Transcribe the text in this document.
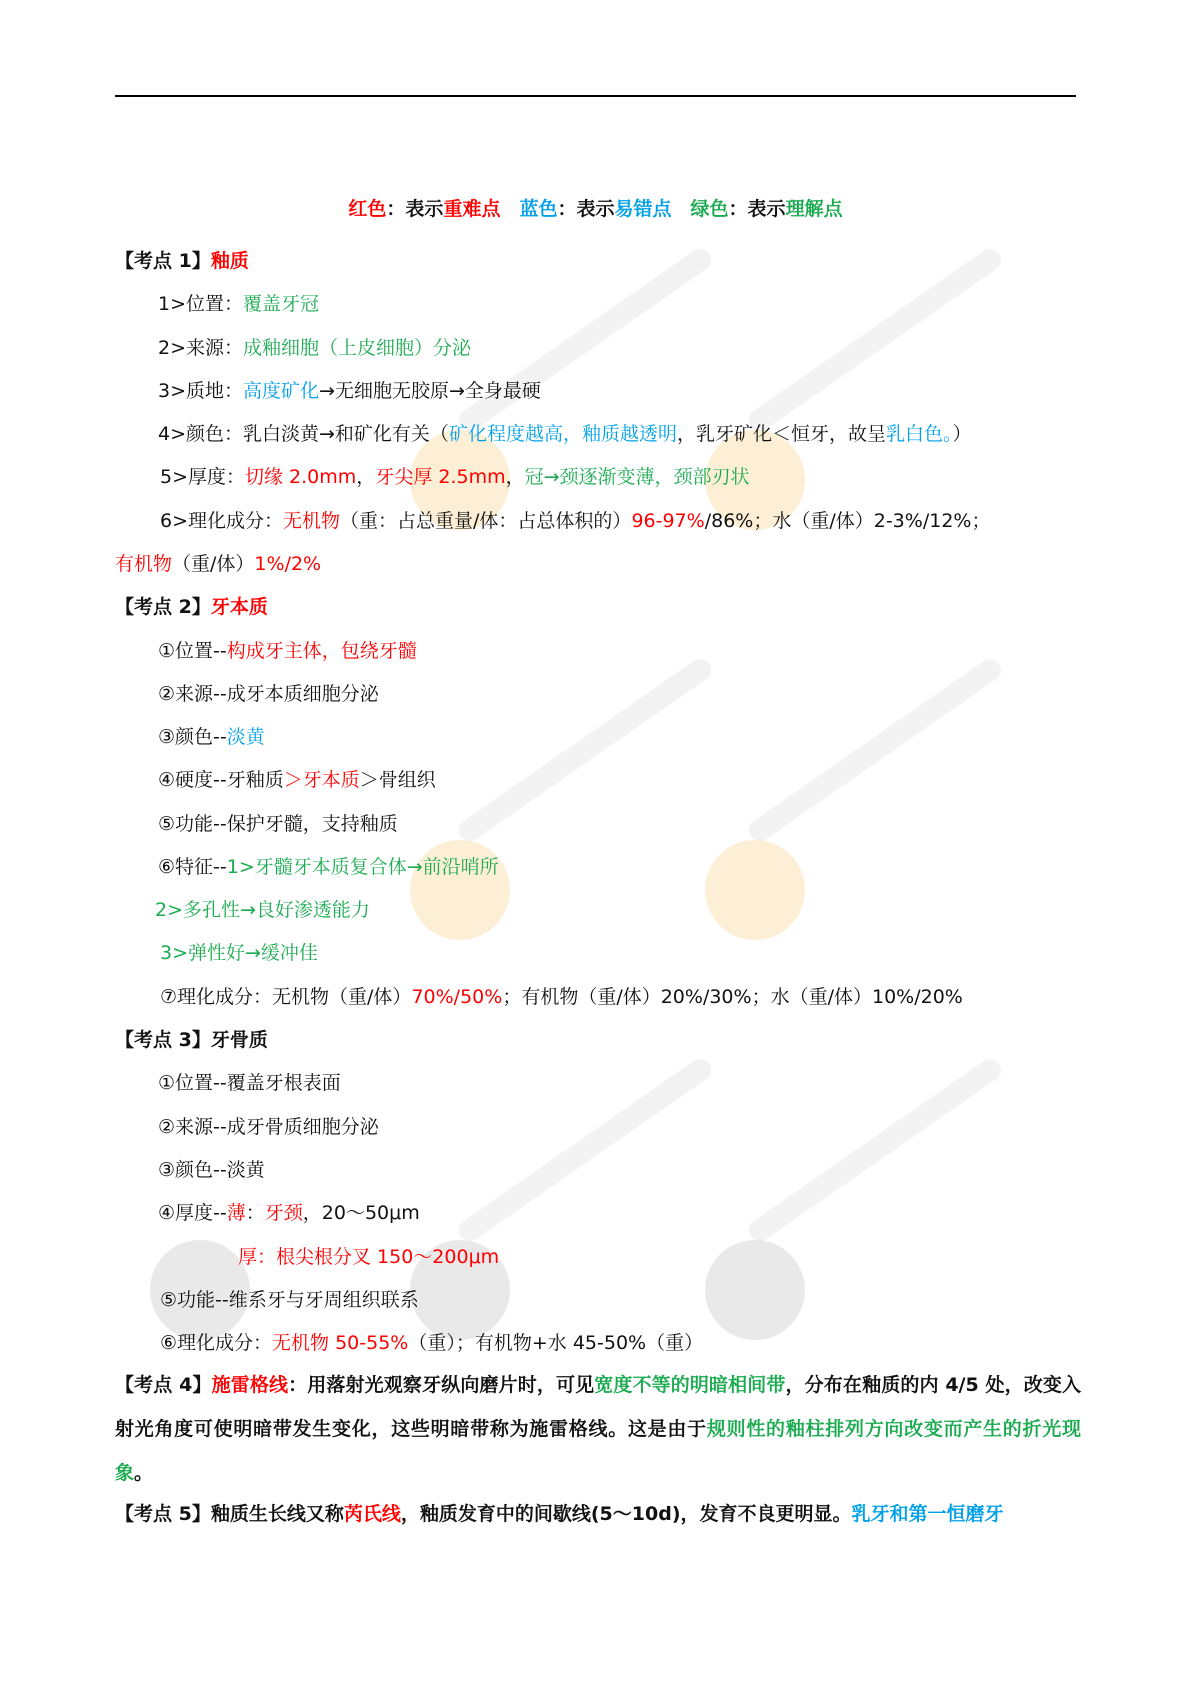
红色：表示重难点　 蓝色：表示易错点　 绿色：表示理解点
【考点 1】釉质
1>位置：覆盖牙冠
2>来源：成釉细胞（上皮细胞）分泌
3>质地：高度矿化→无细胞无胶原→全身最硬
4>颜色：乳白淡黄→和矿化有关（矿化程度越高，釉质越透明，乳牙矿化＜恒牙，故呈乳白色。）
5>厚度：切缘 2.0mm，牙尖厚 2.5mm，冠→颈逐渐变薄，颈部刃状
6>理化成分：无机物（重：占总重量/体：占总体积的）96-97%/86%；水（重/体）2-3%/12%；
有机物（重/体）1%/2%
【考点 2】牙本质
①位置--构成牙主体，包绕牙髓
②来源--成牙本质细胞分泌
③颜色--淡黄
④硬度--牙釉质＞牙本质＞骨组织
⑤功能--保护牙髓，支持釉质
⑥特征--1>牙髓牙本质复合体→前沿哨所
2>多孔性→良好渗透能力
3>弹性好→缓冲佳
⑦理化成分：无机物（重/体）70%/50%；有机物（重/体）20%/30%；水（重/体）10%/20%
【考点 3】牙骨质
①位置--覆盖牙根表面
②来源--成牙骨质细胞分泌
③颜色--淡黄
④厚度--薄：牙颈，20～50μm
厚：根尖根分叉 150～200μm
⑤功能--维系牙与牙周组织联系
⑥理化成分：无机物 50-55%（重）；有机物+水 45-50%（重）
【考点 4】施雷格线：用落射光观察牙纵向磨片时，可见宽度不等的明暗相间带，分布在釉质的内 4/5 处，改变入射光角度可使明暗带发生变化，这些明暗带称为施雷格线。这是由于规则性的釉柱排列方向改变而产生的折光现象。
【考点 5】釉质生长线又称芮氏线，釉质发育中的间歇线(5～10d)，发育不良更明显。乳牙和第一恒磨牙
